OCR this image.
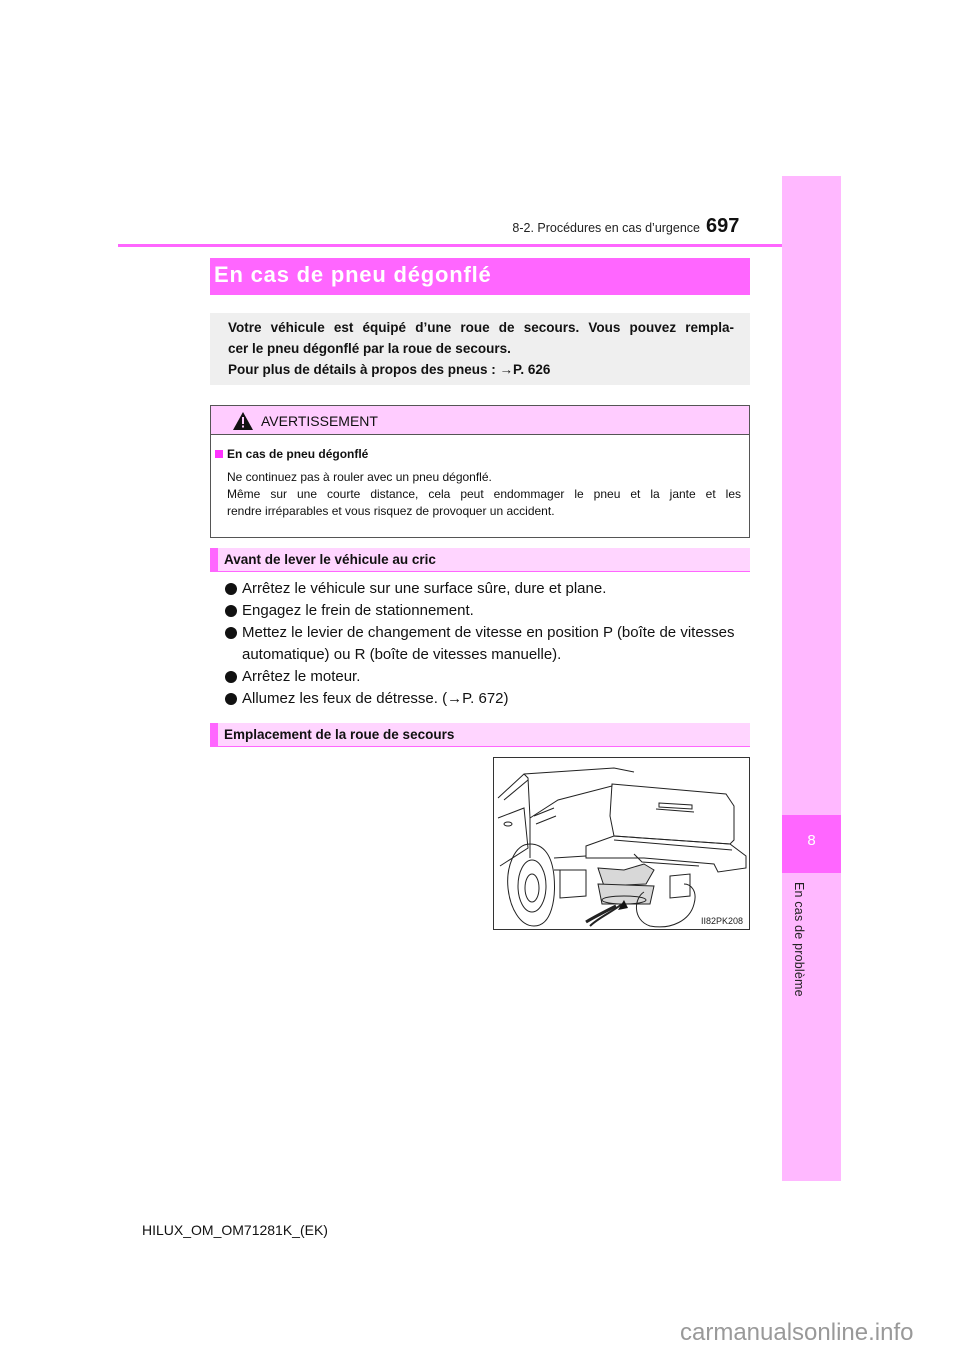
8-2. Procédures en cas d’urgence 697
8
En cas de problème
En cas de pneu dégonflé
Votre véhicule est équipé d’une roue de secours. Vous pouvez rempla-
cer le pneu dégonflé par la roue de secours.
Pour plus de détails à propos des pneus : →P. 626
AVERTISSEMENT
En cas de pneu dégonflé
Ne continuez pas à rouler avec un pneu dégonflé.
Même sur une courte distance, cela peut endommager le pneu et la jante et les
rendre irréparables et vous risquez de provoquer un accident.
Avant de lever le véhicule au cric
Arrêtez le véhicule sur une surface sûre, dure et plane.
Engagez le frein de stationnement.
Mettez le levier de changement de vitesse en position P (boîte de vitesses
automatique) ou R (boîte de vitesses manuelle).
Arrêtez le moteur.
Allumez les feux de détresse. (→P. 672)
Emplacement de la roue de secours
II82PK208
HILUX_OM_OM71281K_(EK)
carmanualsonline.info
